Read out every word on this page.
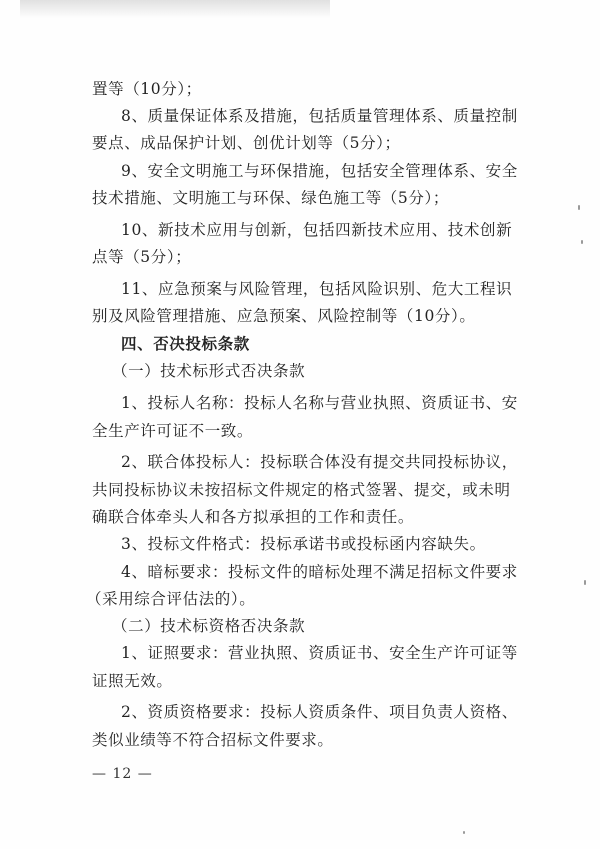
置等（10分）；
8、质量保证体系及措施，包括质量管理体系、质量控制
要点、成品保护计划、创优计划等（5分）；
9、安全文明施工与环保措施，包括安全管理体系、安全
技术措施、文明施工与环保、绿色施工等（5分）；
10、新技术应用与创新，包括四新技术应用、技术创新
点等（5分）；
11、应急预案与风险管理，包括风险识别、危大工程识
别及风险管理措施、应急预案、风险控制等（10分）。
四、否决投标条款
（一）技术标形式否决条款
1、投标人名称：投标人名称与营业执照、资质证书、安
全生产许可证不一致。
2、联合体投标人：投标联合体没有提交共同投标协议，
共同投标协议未按招标文件规定的格式签署、提交，或未明
确联合体牵头人和各方拟承担的工作和责任。
3、投标文件格式：投标承诺书或投标函内容缺失。
4、暗标要求：投标文件的暗标处理不满足招标文件要求
（采用综合评估法的）。
（二）技术标资格否决条款
1、证照要求：营业执照、资质证书、安全生产许可证等
证照无效。
2、资质资格要求：投标人资质条件、项目负责人资格、
类似业绩等不符合招标文件要求。
— 12 —
